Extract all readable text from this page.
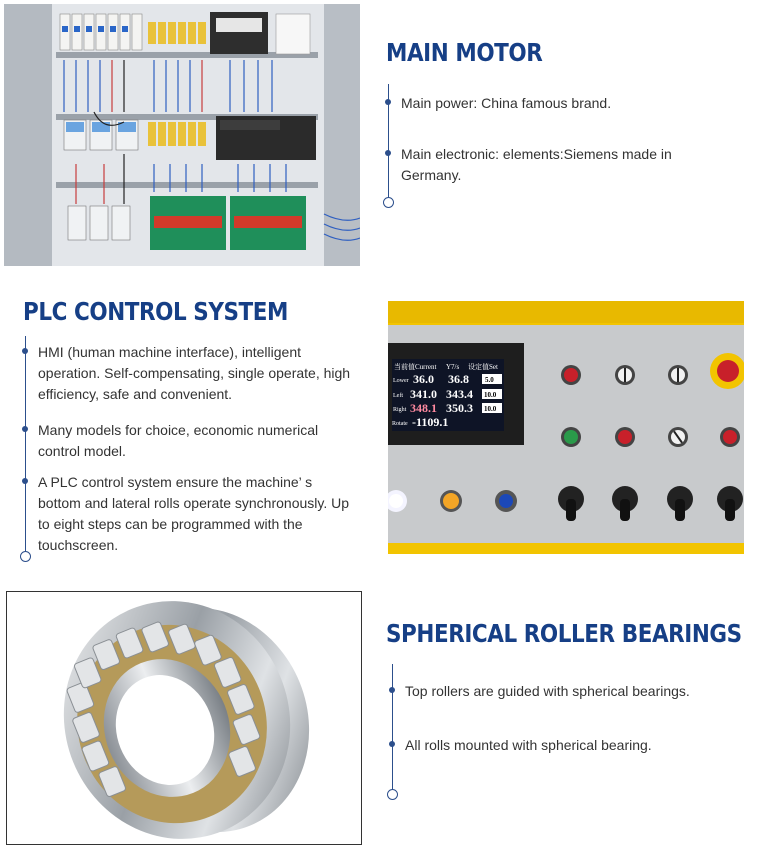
MAIN MOTOR
Main power: China famous brand.
Main electronic: elements:Siemens made in Germany.
PLC CONTROL SYSTEM
HMI (human machine interface), intelligent operation. Self-compensating, single operate, high efficiency, safe and convenient.
Many models for choice, economic numerical control model.
A PLC control system ensure the machine’ s bottom and lateral rolls operate synchronously. Up to eight steps can be programmed with the touchscreen.
当前值Current Y7/s 设定值Set
Lower 36.0 36.8 5.0
Left 341.0 343.4 10.0
Right 348.1 350.3 10.0
Rotate -1109.1
SPHERICAL ROLLER BEARINGS
Top rollers are guided with spherical bearings.
All rolls mounted with spherical bearing.
